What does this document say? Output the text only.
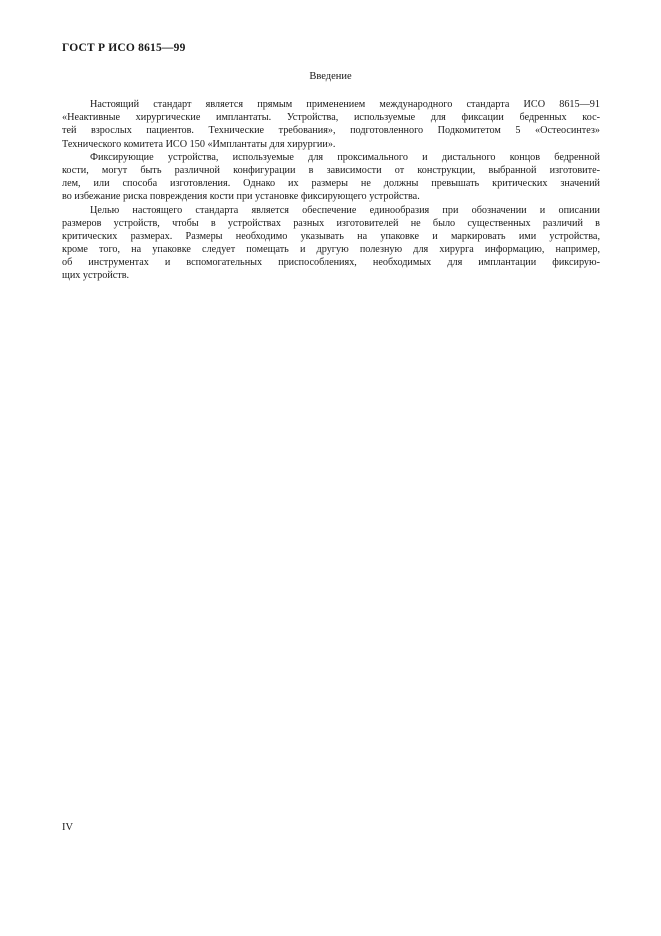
ГОСТ Р ИСО 8615—99
Введение
Настоящий стандарт является прямым применением международного стандарта ИСО 8615—91
«Неактивные хирургические имплантаты. Устройства, используемые для фиксации бедренных кос-
тей взрослых пациентов. Технические требования», подготовленного Подкомитетом 5 «Остеосинтез»
Технического комитета ИСО 150 «Имплантаты для хирургии».
Фиксирующие устройства, используемые для проксимального и дистального концов бедренной
кости, могут быть различной конфигурации в зависимости от конструкции, выбранной изготовите-
лем, или способа изготовления. Однако их размеры не должны превышать критических значений
во избежание риска повреждения кости при установке фиксирующего устройства.
Целью настоящего стандарта является обеспечение единообразия при обозначении и описании
размеров устройств, чтобы в устройствах разных изготовителей не было существенных различий в
критических размерах. Размеры необходимо указывать на упаковке и маркировать ими устройства,
кроме того, на упаковке следует помещать и другую полезную для хирурга информацию, например,
об инструментах и вспомогательных приспособлениях, необходимых для имплантации фиксирую-
щих устройств.
IV
